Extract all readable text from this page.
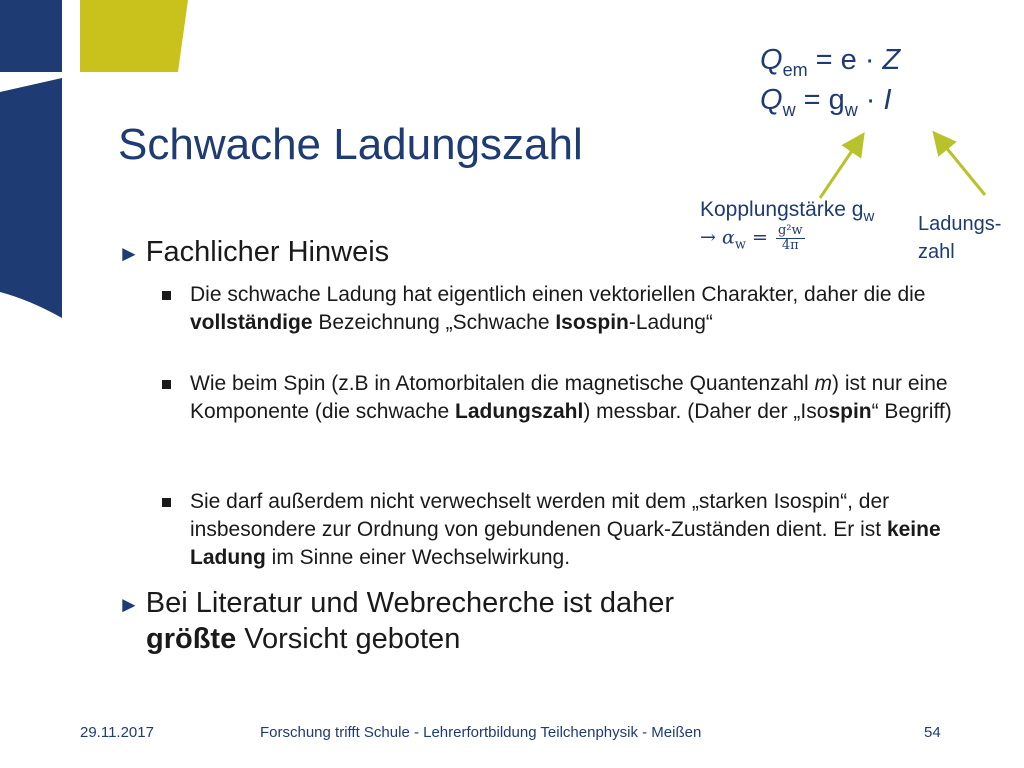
Schwache Ladungszahl
$Q_{em} = e \cdot Z$
$Q_w = g_w \cdot I$
Kopplungstärke $g_w$
→ $\alpha_w = \frac{\text{g²w}}{4\pi}$	Ladungs-
zahl
► Fachlicher Hinweis
Die schwache Ladung hat eigentlich einen vektoriellen Charakter, daher die die vollständige Bezeichnung „Schwache Isospin-Ladung“
Wie beim Spin (z.B in Atomorbitalen die magnetische Quantenzahl m) ist nur eine Komponente (die schwache Ladungszahl) messbar. (Daher der „Isospin“ Begriff)
Sie darf außerdem nicht verwechselt werden mit dem „starken Isospin“, der insbesondere zur Ordnung von gebundenen Quark-Zuständen dient. Er ist keine Ladung im Sinne einer Wechselwirkung.
► Bei Literatur und Webrecherche ist daher
größte Vorsicht geboten
29.11.2017	Forschung trifft Schule - Lehrerfortbildung Teilchenphysik - Meißen	54
